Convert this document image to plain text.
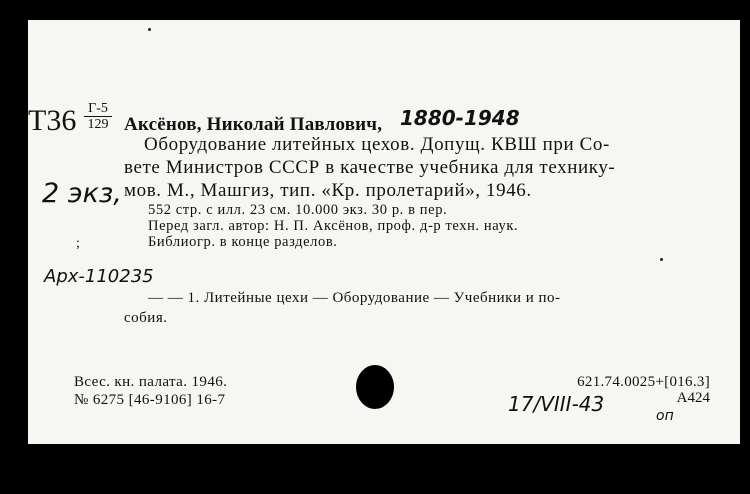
Т36 Г-5
129 Аксёнов, Николай Павлович, 1880-1948
Оборудование литейных цехов. Допущ. КВШ при Со-
вете Министров СССР в качестве учебника для технику-
мов. М., Машгиз, тип. «Кр. пролетарий», 1946.
2 экз,
552 стр. с илл. 23 см. 10.000 экз. 30 р. в пер.
Перед загл. автор: Н. П. Аксёнов, проф. д-р техн. наук.
Библиогр. в конце разделов.
;
Арх-110235
— — 1. Литейные цехи — Оборудование — Учебники и по-
собия.
Всес. кн. палата. 1946.
№ 6275 [46-9106] 16-7
621.74.0025+[016.3]
А424
17/VIII-43	оп
